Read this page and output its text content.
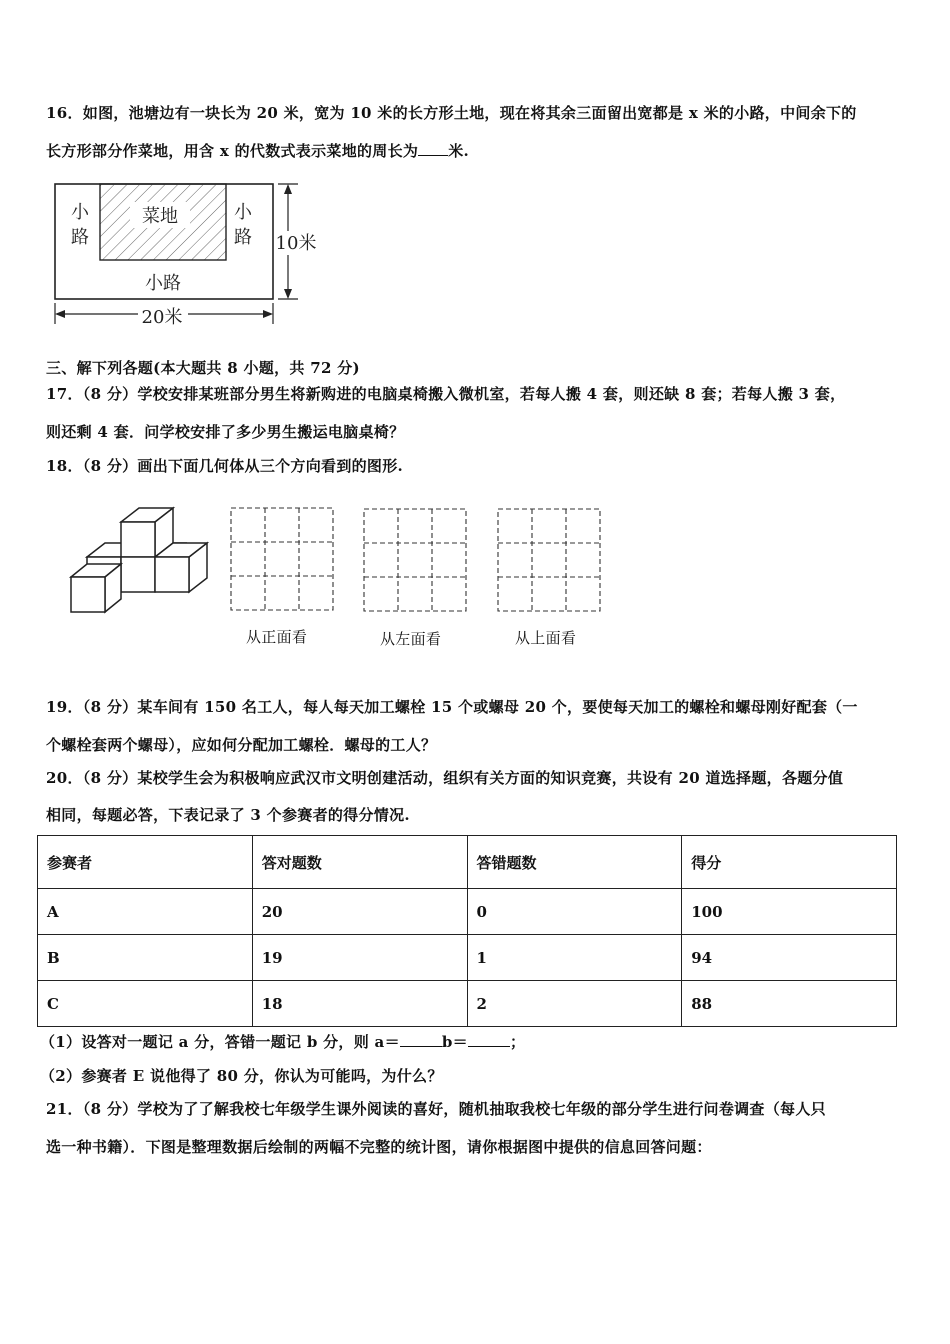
16．如图，池塘边有一块长为 20 米，宽为 10 米的长方形土地，现在将其余三面留出宽都是 x 米的小路，中间余下的
长方形部分作菜地，用含 x 的代数式表示菜地的周长为 米.
菜地
小
路
小
路
小路
10米
20米
三、解下列各题(本大题共 8 小题，共 72 分)
17．（8 分）学校安排某班部分男生将新购进的电脑桌椅搬入微机室，若每人搬 4 套，则还缺 8 套；若每人搬 3 套，
则还剩 4 套．问学校安排了多少男生搬运电脑桌椅？
18．（8 分）画出下面几何体从三个方向看到的图形.
从正面看	从左面看	从上面看
19．（8 分）某车间有 150 名工人，每人每天加工螺栓 15 个或螺母 20 个，要使每天加工的螺栓和螺母刚好配套（一
个螺栓套两个螺母），应如何分配加工螺栓．螺母的工人？
20．（8 分）某校学生会为积极响应武汉市文明创建活动，组织有关方面的知识竞赛，共设有 20 道选择题，各题分值
相同，每题必答，下表记录了 3 个参赛者的得分情况.
参赛者	答对题数	答错题数	得分
A	20	0	100
B	19	1	94
C	18	2	88
（1）设答对一题记 a 分，答错一题记 b 分，则 a＝	b＝	；
（2）参赛者 E 说他得了 80 分，你认为可能吗，为什么？
21．（8 分）学校为了了解我校七年级学生课外阅读的喜好，随机抽取我校七年级的部分学生进行问卷调查（每人只
选一种书籍）．下图是整理数据后绘制的两幅不完整的统计图，请你根据图中提供的信息回答问题：
